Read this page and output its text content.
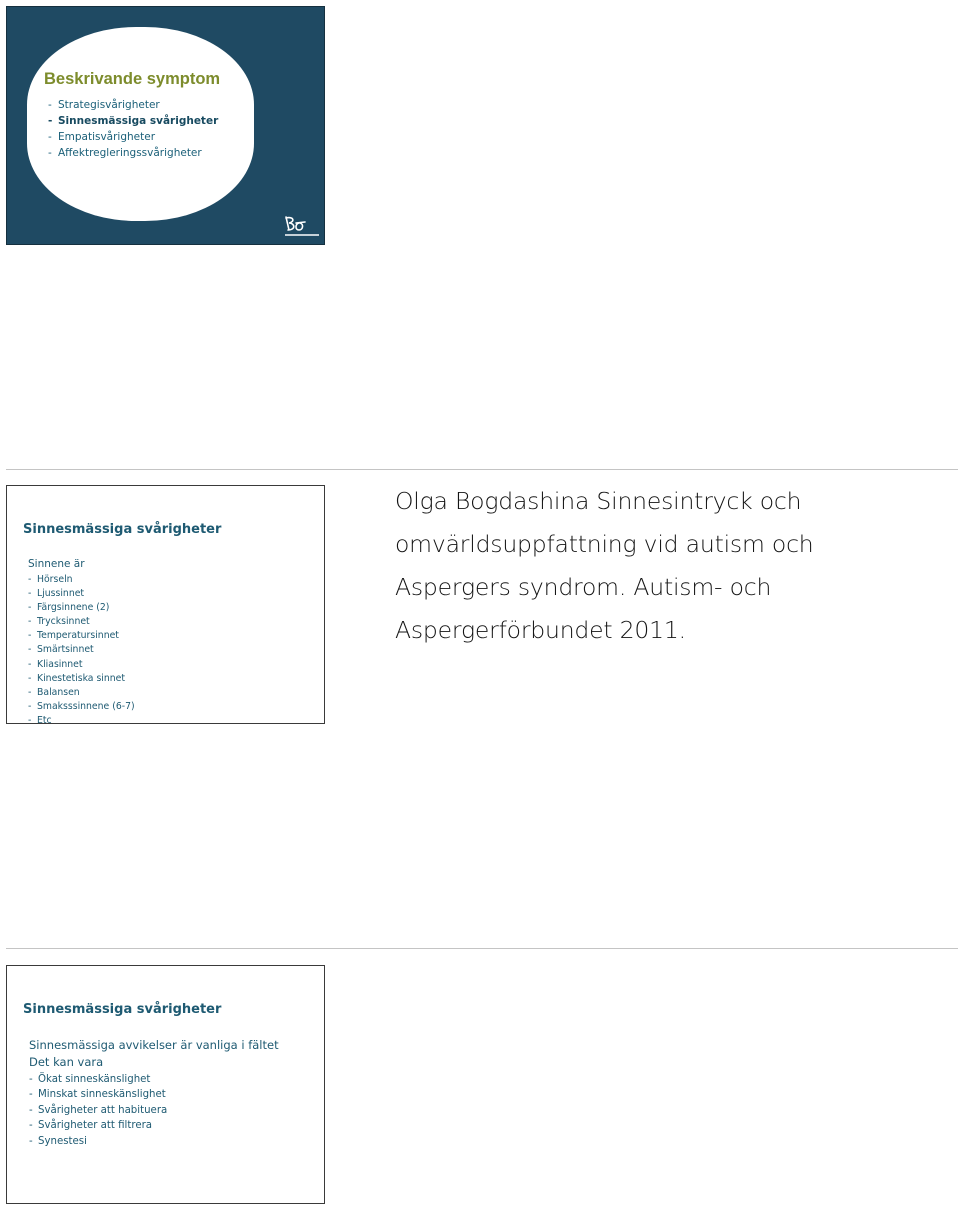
Beskrivande symptom
- Strategisvårigheter
- Sinnesmässiga svårigheter
- Empatisvårigheter
- Affektregleringssvårigheter
Sinnesmässiga svårigheter
Sinnene är
- Hörseln
- Ljussinnet
- Färgsinnene (2)
- Trycksinnet
- Temperatursinnet
- Smärtsinnet
- Kliasinnet
- Kinestetiska sinnet
- Balansen
- Smaksssinnene (6-7)
- Etc

Olga Bogdashina Sinnesintryck och omvärldsuppfattning vid autism och Aspergers syndrom. Autism- och Aspergerförbundet 2011.

Sinnesmässiga svårigheter
Sinnesmässiga avvikelser är vanliga i fältet
Det kan vara
- Ökat sinneskänslighet
- Minskat sinneskänslighet
- Svårigheter att habituera
- Svårigheter att filtrera
- Synestesi
